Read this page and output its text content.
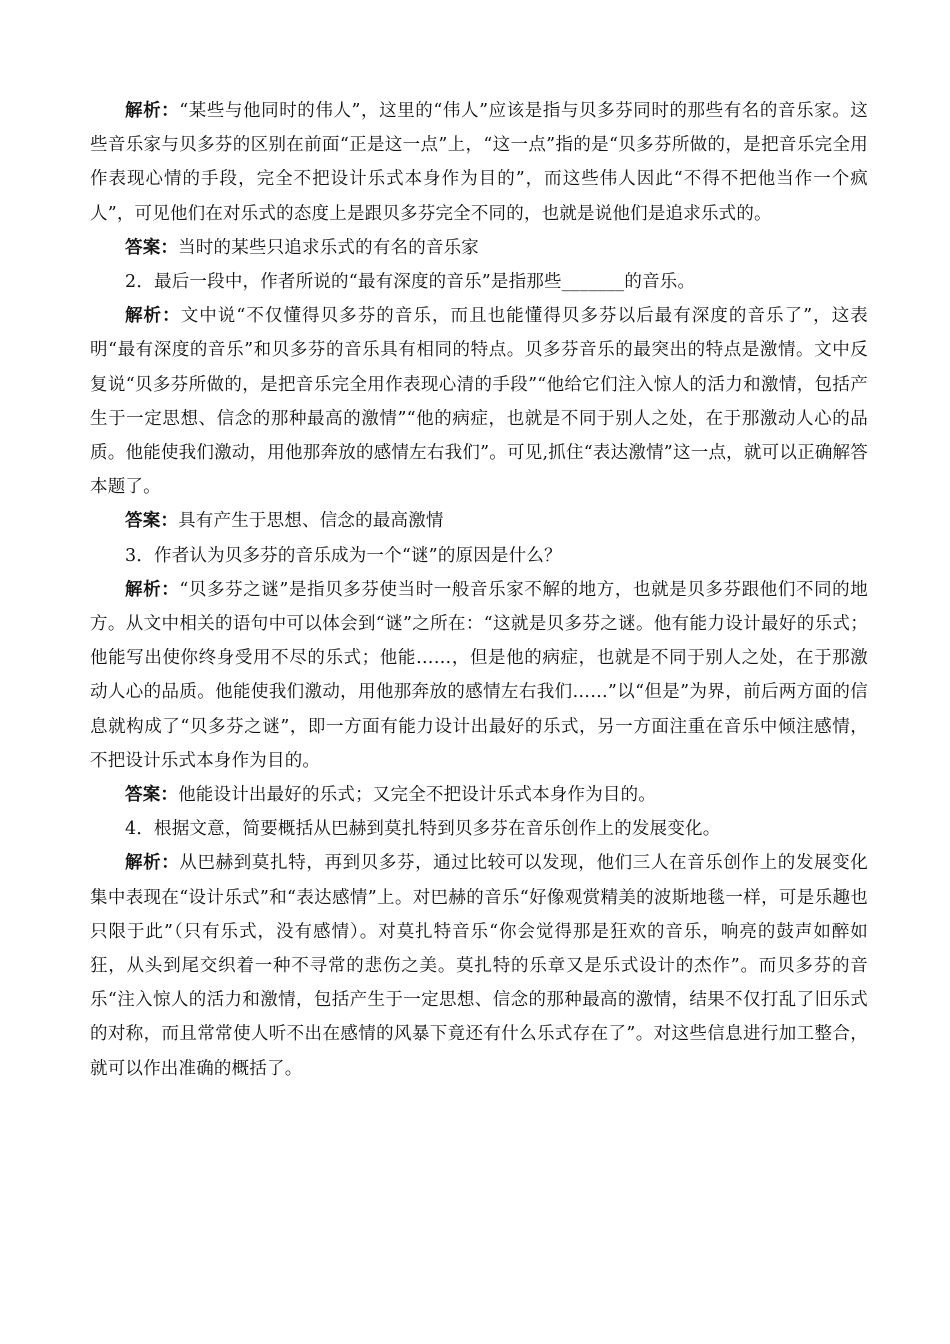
解析：“某些与他同时的伟人”，这里的“伟人”应该是指与贝多芬同时的那些有名的音乐家。这些音乐家与贝多芬的区别在前面“正是这一点”上，“这一点”指的是“贝多芬所做的，是把音乐完全用作表现心情的手段，完全不把设计乐式本身作为目的”，而这些伟人因此“不得不把他当作一个疯人”，可见他们在对乐式的态度上是跟贝多芬完全不同的，也就是说他们是追求乐式的。

答案：当时的某些只追求乐式的有名的音乐家

2．最后一段中，作者所说的“最有深度的音乐”是指那些_______的音乐。

解析：文中说“不仅懂得贝多芬的音乐，而且也能懂得贝多芬以后最有深度的音乐了”，这表明“最有深度的音乐”和贝多芬的音乐具有相同的特点。贝多芬音乐的最突出的特点是激情。文中反复说“贝多芬所做的，是把音乐完全用作表现心清的手段”“他给它们注入惊人的活力和激情，包括产生于一定思想、信念的那种最高的激情”“他的病症，也就是不同于别人之处，在于那激动人心的品质。他能使我们激动，用他那奔放的感情左右我们”。可见,抓住“表达激情”这一点，就可以正确解答本题了。

答案：具有产生于思想、信念的最高激情

3．作者认为贝多芬的音乐成为一个“谜”的原因是什么？

解析：“贝多芬之谜”是指贝多芬使当时一般音乐家不解的地方，也就是贝多芬跟他们不同的地方。从文中相关的语句中可以体会到“谜”之所在：“这就是贝多芬之谜。他有能力设计最好的乐式；他能写出使你终身受用不尽的乐式；他能……，但是他的病症，也就是不同于别人之处，在于那激动人心的品质。他能使我们激动，用他那奔放的感情左右我们……”以“但是”为界，前后两方面的信息就构成了“贝多芬之谜”，即一方面有能力设计出最好的乐式，另一方面注重在音乐中倾注感情，不把设计乐式本身作为目的。

答案：他能设计出最好的乐式；又完全不把设计乐式本身作为目的。

4．根据文意，简要概括从巴赫到莫扎特到贝多芬在音乐创作上的发展变化。

解析：从巴赫到莫扎特，再到贝多芬，通过比较可以发现，他们三人在音乐创作上的发展变化集中表现在“设计乐式”和“表达感情”上。对巴赫的音乐“好像观赏精美的波斯地毯一样，可是乐趣也只限于此”（只有乐式，没有感情）。对莫扎特音乐“你会觉得那是狂欢的音乐，响亮的鼓声如醉如狂，从头到尾交织着一种不寻常的悲伤之美。莫扎特的乐章又是乐式设计的杰作”。而贝多芬的音乐“注入惊人的活力和激情，包括产生于一定思想、信念的那种最高的激情，结果不仅打乱了旧乐式的对称，而且常常使人听不出在感情的风暴下竟还有什么乐式存在了”。对这些信息进行加工整合，就可以作出准确的概括了。
